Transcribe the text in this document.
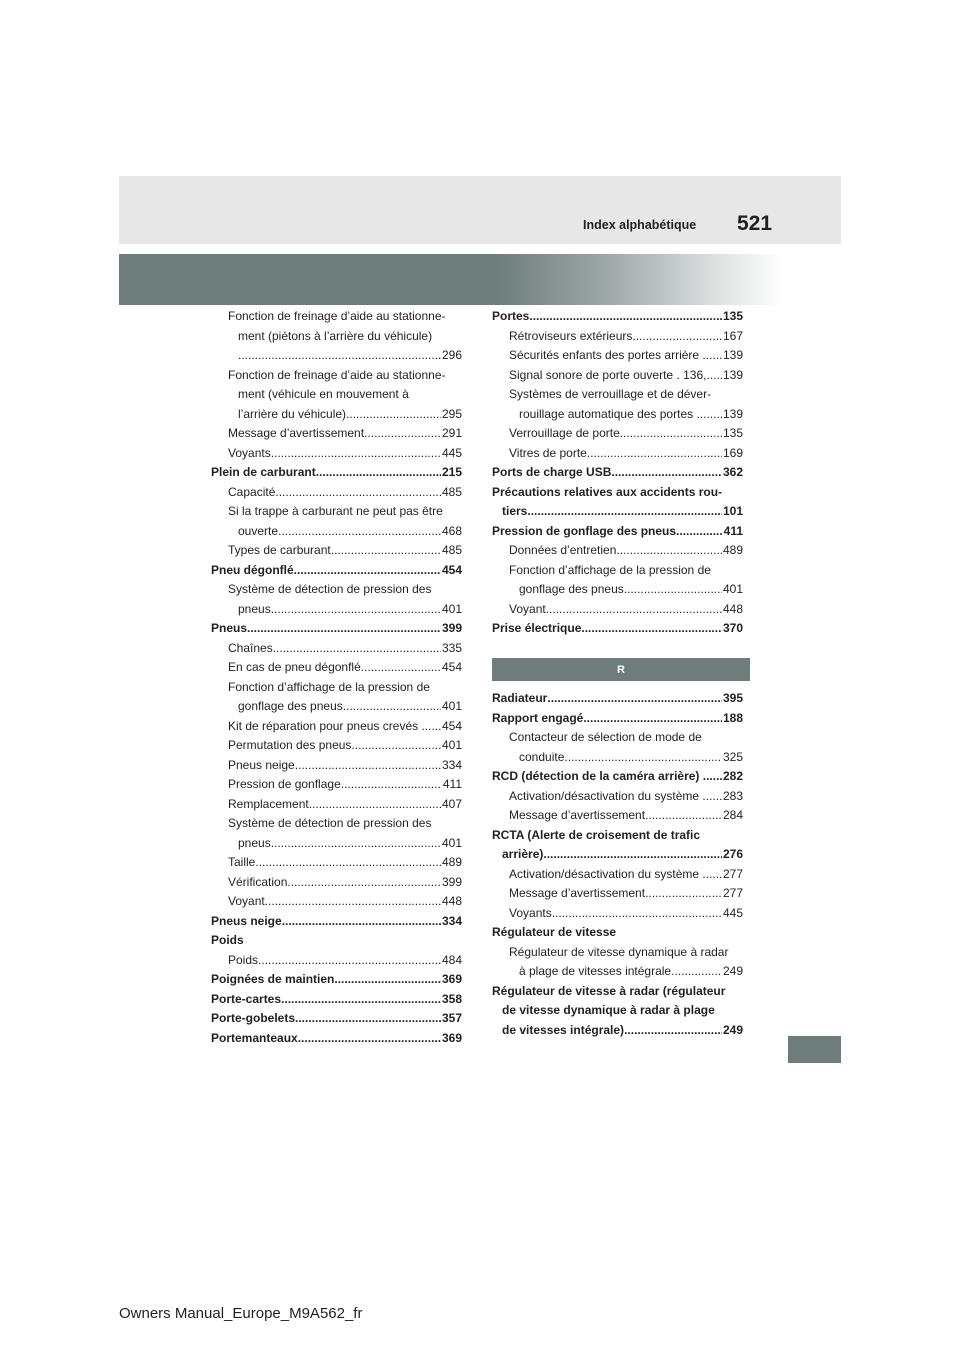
Index alphabétique 521
Fonction de freinage d’aide au stationne-
ment (piétons à l’arrière du véhicule)
.....
296
Fonction de freinage d’aide au stationne-
ment (véhicule en mouvement à
l’arrière du véhicule) .....	295
Message d’avertissement .....	291
Voyants .....	445
Plein de carburant .....	215
Capacité .....	485
Si la trappe à carburant ne peut pas être
ouverte .....	468
Types de carburant .....	485
Pneu dégonflé .....	454
Système de détection de pression des
pneus .....	401
Pneus .....	399
Chaînes .....	335
En cas de pneu dégonflé .....	454
Fonction d’affichage de la pression de
gonflage des pneus .....	401
Kit de réparation pour pneus crevés . ..... 454
Permutation des pneus .....	401
Pneus neige .....	334
Pression de gonflage .....	411
Remplacement .....	407
Système de détection de pression des
pneus .....	401
Taille .....	489
Vérification .....	399
Voyant .....	448
Pneus neige .....	334
Poids
Poids .....	484
Poignées de maintien .....	369
Porte-cartes .....	358
Porte-gobelets .....	357
Portemanteaux .....	369
Portes .....	135
Rétroviseurs extérieurs .....	167
Sécurités enfants des portes arrière . ..... 139
Signal sonore de porte ouverte . 136, ..... 139
Systèmes de verrouillage et de déver-
rouillage automatique des portes ... ..... 139
Verrouillage de porte .....	135
Vitres de porte .....	169
Ports de charge USB .....	362
Précautions relatives aux accidents rou-
tiers .....	101
Pression de gonflage des pneus .....	411
Données d’entretien .....	489
Fonction d’affichage de la pression de
gonflage des pneus .....	401
Voyant .....	448
Prise électrique .....	370
R
Radiateur .....	395
Rapport engagé .....	188
Contacteur de sélection de mode de
conduite .....	325
RCD (détection de la caméra arrière) . ..... 282
Activation/désactivation du système . ..... 283
Message d’avertissement .....	284
RCTA (Alerte de croisement de trafic
arrière) .....	276
Activation/désactivation du système . ..... 277
Message d’avertissement .....	277
Voyants .....	445
Régulateur de vitesse
Régulateur de vitesse dynamique à radar
à plage de vitesses intégrale .....	249
Régulateur de vitesse à radar (régulateur
de vitesse dynamique à radar à plage
de vitesses intégrale) .....	249
Owners Manual_Europe_M9A562_fr
